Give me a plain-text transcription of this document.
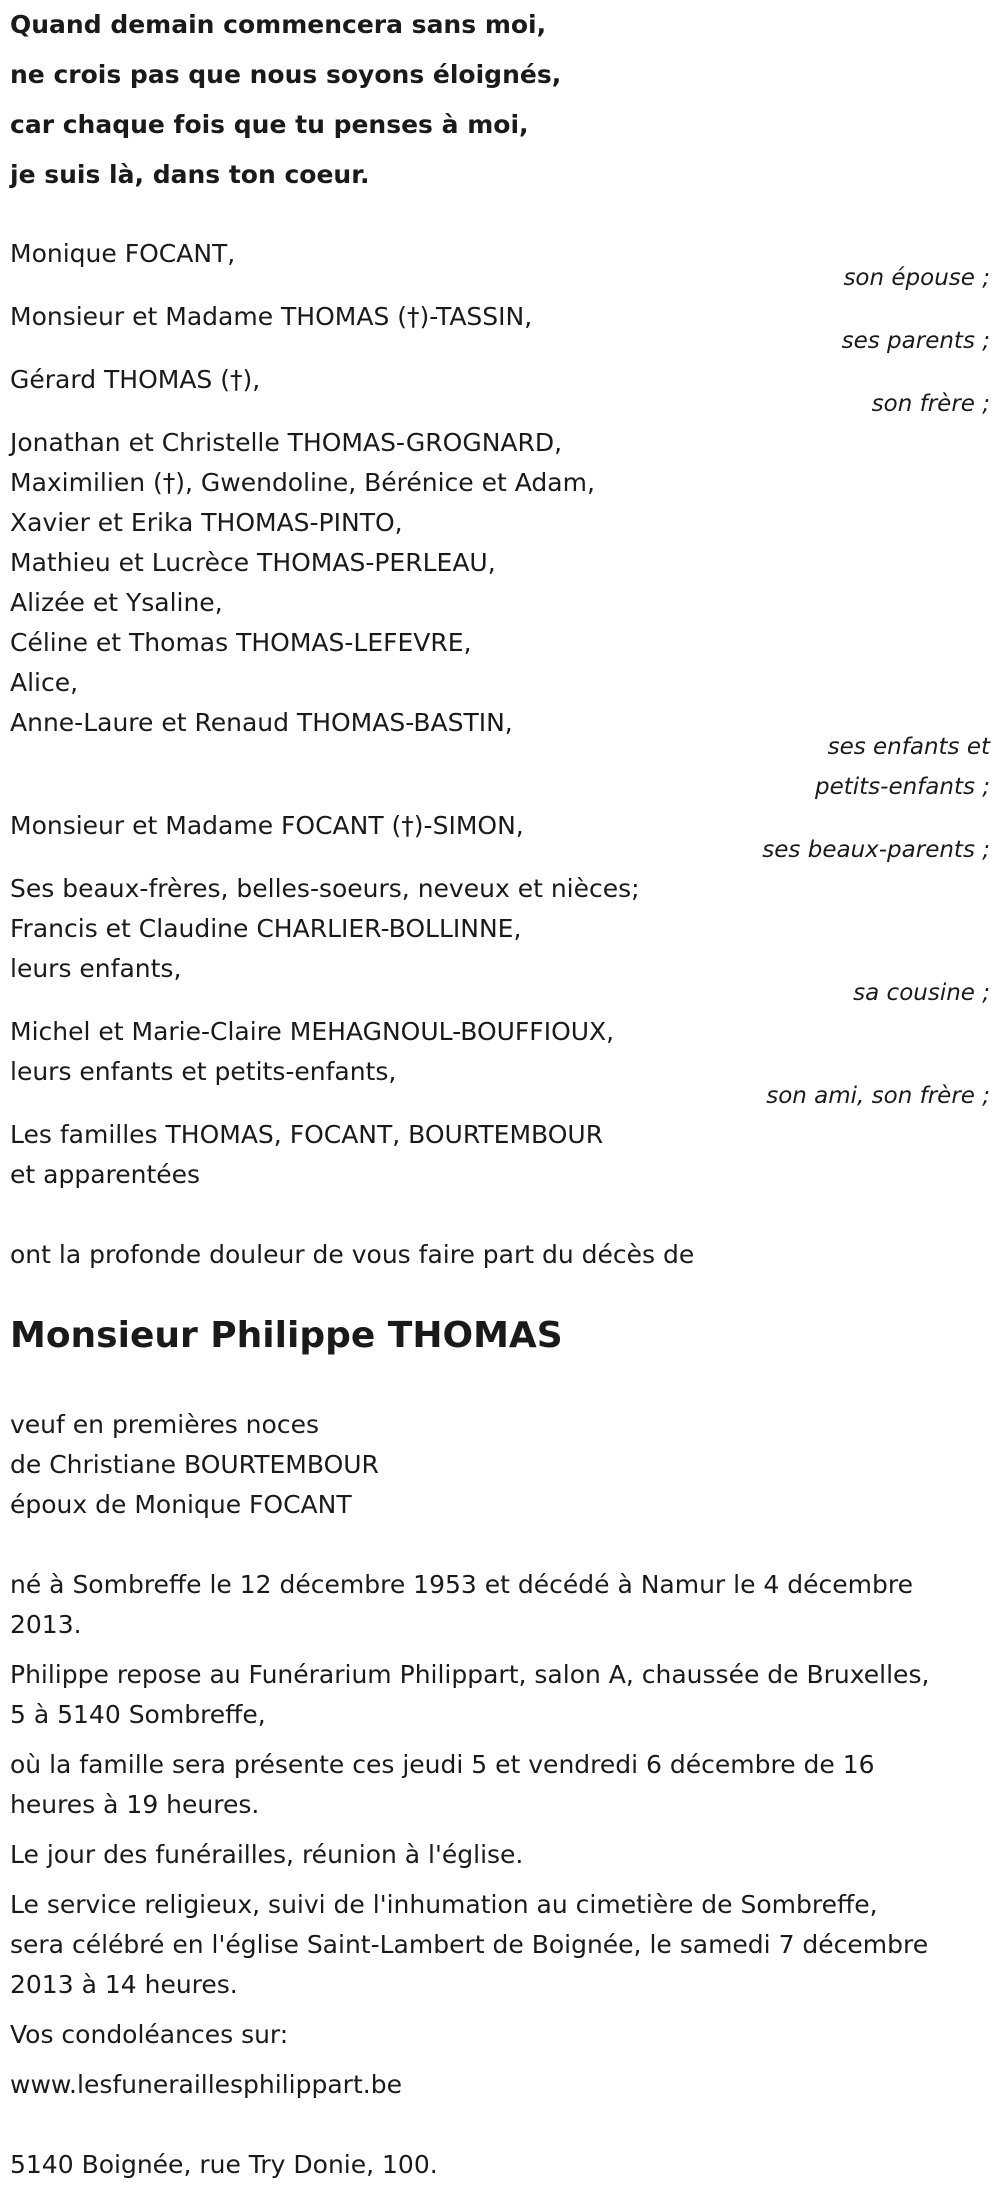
Quand demain commencera sans moi,
ne crois pas que nous soyons éloignés,
car chaque fois que tu penses à moi,
je suis là, dans ton coeur.
Monique FOCANT,
son épouse ;
Monsieur et Madame THOMAS (†)-TASSIN,
ses parents ;
Gérard THOMAS (†),
son frère ;
Jonathan et Christelle THOMAS-GROGNARD,
Maximilien (†), Gwendoline, Bérénice et Adam,
Xavier et Erika THOMAS-PINTO,
Mathieu et Lucrèce THOMAS-PERLEAU,
Alizée et Ysaline,
Céline et Thomas THOMAS-LEFEVRE,
Alice,
Anne-Laure et Renaud THOMAS-BASTIN,
ses enfants et
petits-enfants ;
Monsieur et Madame FOCANT (†)-SIMON,
ses beaux-parents ;
Ses beaux-frères, belles-soeurs, neveux et nièces;
Francis et Claudine CHARLIER-BOLLINNE,
leurs enfants,
sa cousine ;
Michel et Marie-Claire MEHAGNOUL-BOUFFIOUX,
leurs enfants et petits-enfants,
son ami, son frère ;
Les familles THOMAS, FOCANT, BOURTEMBOUR
et apparentées
ont la profonde douleur de vous faire part du décès de
Monsieur Philippe THOMAS
veuf en premières noces
de Christiane BOURTEMBOUR
époux de Monique FOCANT
né à Sombreffe le 12 décembre 1953 et décédé à Namur le 4 décembre
2013.
Philippe repose au Funérarium Philippart, salon A, chaussée de Bruxelles,
5 à 5140 Sombreffe,
où la famille sera présente ces jeudi 5 et vendredi 6 décembre de 16
heures à 19 heures.
Le jour des funérailles, réunion à l'église.
Le service religieux, suivi de l'inhumation au cimetière de Sombreffe,
sera célébré en l'église Saint-Lambert de Boignée, le samedi 7 décembre
2013 à 14 heures.
Vos condoléances sur:
www.lesfuneraillesphilippart.be
5140 Boignée, rue Try Donie, 100.
